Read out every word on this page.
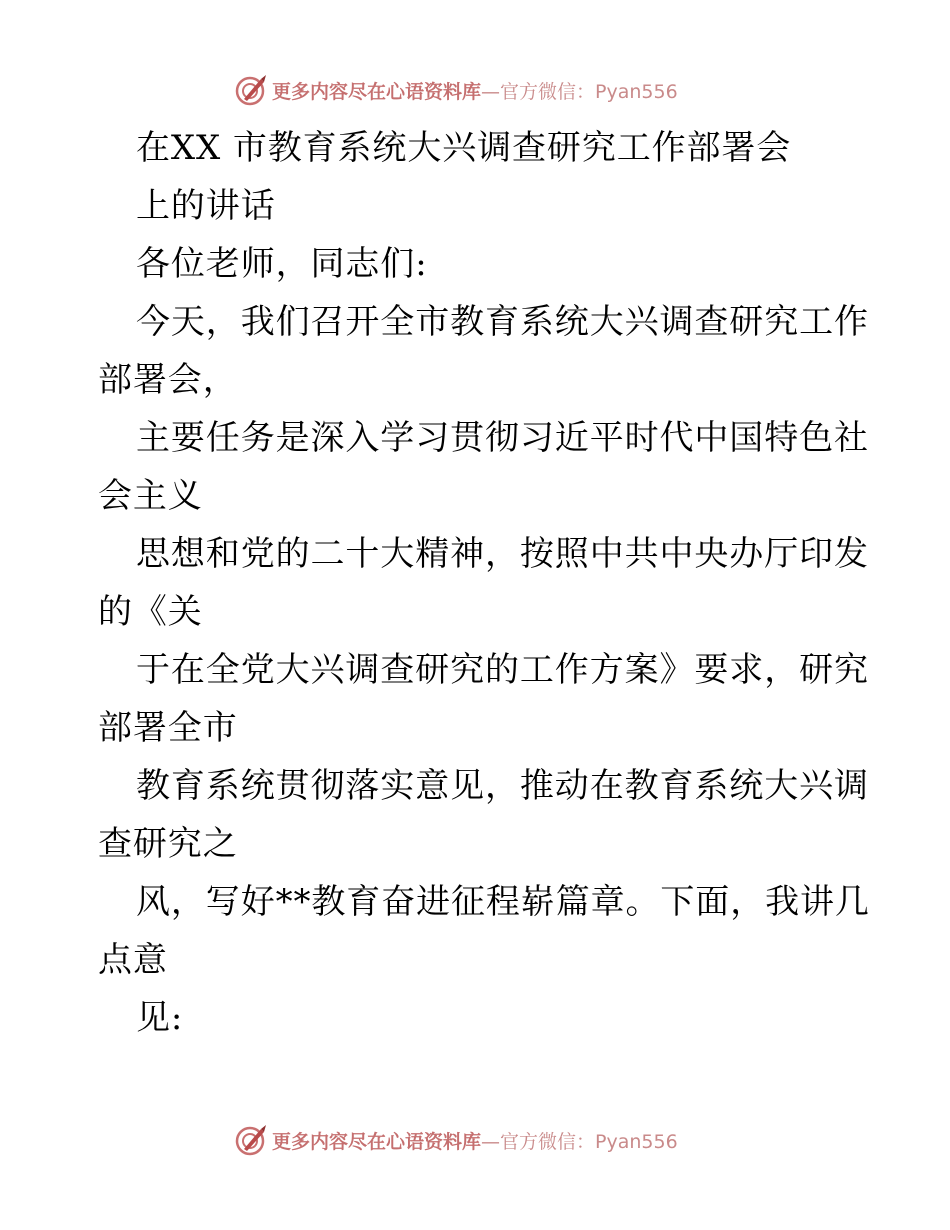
更多内容尽在心语资料库—官方微信：Pyan556
在XX 市教育系统大兴调查研究工作部署会
上的讲话
各位老师，同志们:
今天，我们召开全市教育系统大兴调查研究工作
部署会，
主要任务是深入学习贯彻习近平时代中国特色社
会主义
思想和党的二十大精神，按照中共中央办厅印发
的《关
于在全党大兴调查研究的工作方案》要求，研究
部署全市
教育系统贯彻落实意见，推动在教育系统大兴调
查研究之
风，写好**教育奋进征程崭篇章。下面，我讲几
点意
见:
更多内容尽在心语资料库—官方微信：Pyan556
